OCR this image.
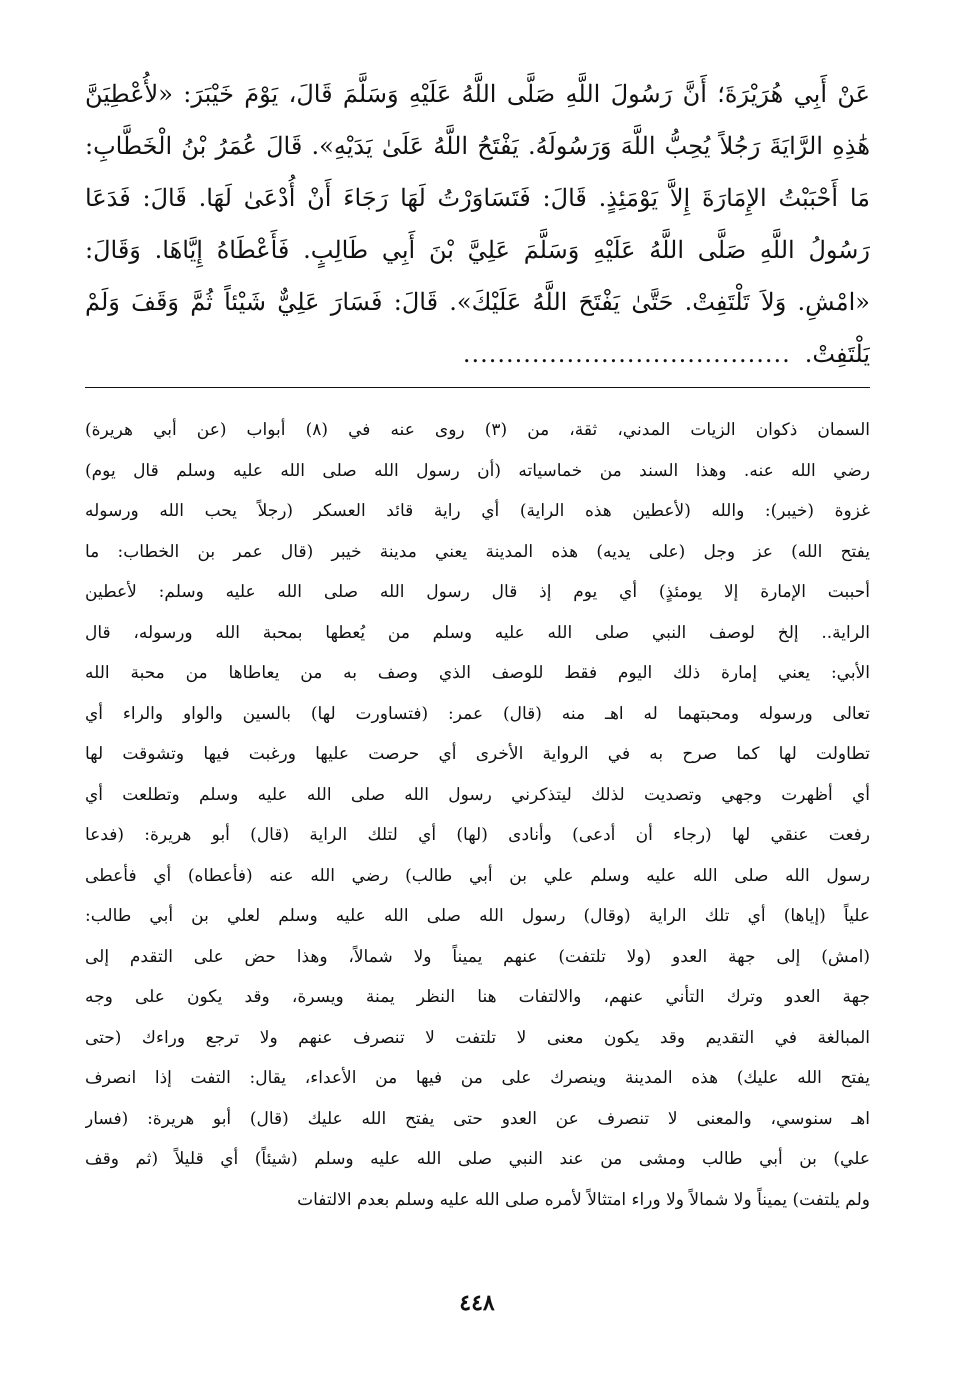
عَنْ أَبِي هُرَيْرَةَ؛ أَنَّ رَسُولَ اللَّهِ صَلَّى اللَّهُ عَلَيْهِ وَسَلَّمَ قَالَ، يَوْمَ خَيْبَرَ: «لأُعْطِيَنَّ
هَٰذِهِ الرَّايَةَ رَجُلاً يُحِبُّ اللَّهَ وَرَسُولَهُ. يَفْتَحُ اللَّهُ عَلَىٰ يَدَيْهِ». قَالَ عُمَرُ بْنُ الْخَطَّابِ:
مَا أَحْبَبْتُ الإِمَارَةَ إِلاَّ يَوْمَئِذٍ. قَالَ: فَتَسَاوَرْتُ لَهَا رَجَاءَ أَنْ أُدْعَىٰ لَهَا. قَالَ: فَدَعَا
رَسُولُ اللَّهِ صَلَّى اللَّهُ عَلَيْهِ وَسَلَّمَ عَلِيَّ بْنَ أَبِي طَالِبٍ. فَأَعْطَاهُ إِيَّاهَا. وَقَالَ:
«امْشِ. وَلاَ تَلْتَفِتْ. حَتَّىٰ يَفْتَحَ اللَّهُ عَلَيْكَ». قَالَ: فَسَارَ عَلِيٌّ شَيْئاً ثُمَّ وَقَفَ وَلَمْ
يَلْتَفِتْ.......................................
السمان ذكوان الزيات المدني، ثقة، من (٣) روى عنه في (٨) أبواب (عن أبي هريرة)
رضي الله عنه. وهذا السند من خماسياته (أن رسول الله صلى الله عليه وسلم قال يوم)
غزوة (خيبر): والله (لأعطين هذه الراية) أي راية قائد العسكر (رجلاً يحب الله ورسوله
يفتح الله) عز وجل (على يديه) هذه المدينة يعني مدينة خيبر (قال عمر بن الخطاب: ما
أحببت الإمارة إلا يومئذٍ) أي يوم إذ قال رسول الله صلى الله عليه وسلم: لأعطين
الراية.. إلخ لوصف النبي صلى الله عليه وسلم من يُعطها بمحبة الله ورسوله، قال
الأبي: يعني إمارة ذلك اليوم فقط للوصف الذي وصف به من يعاطاها من محبة الله
تعالى ورسوله ومحبتهما له اهـ منه (قال) عمر: (فتساورت لها) بالسين والواو والراء أي
تطاولت لها كما صرح به في الرواية الأخرى أي حرصت عليها ورغبت فيها وتشوقت لها
أي أظهرت وجهي وتصديت لذلك ليتذكرني رسول الله صلى الله عليه وسلم وتطلعت أي
رفعت عنقي لها (رجاء أن أدعى) وأنادى (لها) أي لتلك الراية (قال) أبو هريرة: (فدعا
رسول الله صلى الله عليه وسلم علي بن أبي طالب) رضي الله عنه (فأعطاه) أي فأعطى
علياً (إياها) أي تلك الراية (وقال) رسول الله صلى الله عليه وسلم لعلي بن أبي طالب:
(امش) إلى جهة العدو (ولا تلتفت) عنهم يميناً ولا شمالاً، وهذا حض على التقدم إلى
جهة العدو وترك التأني عنهم، والالتفات هنا النظر يمنة ويسرة، وقد يكون على وجه
المبالغة في التقديم وقد يكون معنى لا تلتفت لا تنصرف عنهم ولا ترجع وراءك (حتى
يفتح الله عليك) هذه المدينة وينصرك على من فيها من الأعداء، يقال: التفت إذا انصرف
اهـ سنوسي، والمعنى لا تنصرف عن العدو حتى يفتح الله عليك (قال) أبو هريرة: (فسار
علي) بن أبي طالب ومشى من عند النبي صلى الله عليه وسلم (شيئاً) أي قليلاً (ثم وقف
ولم يلتفت) يميناً ولا شمالاً ولا وراء امتثالاً لأمره صلى الله عليه وسلم بعدم الالتفات
٤٤٨
